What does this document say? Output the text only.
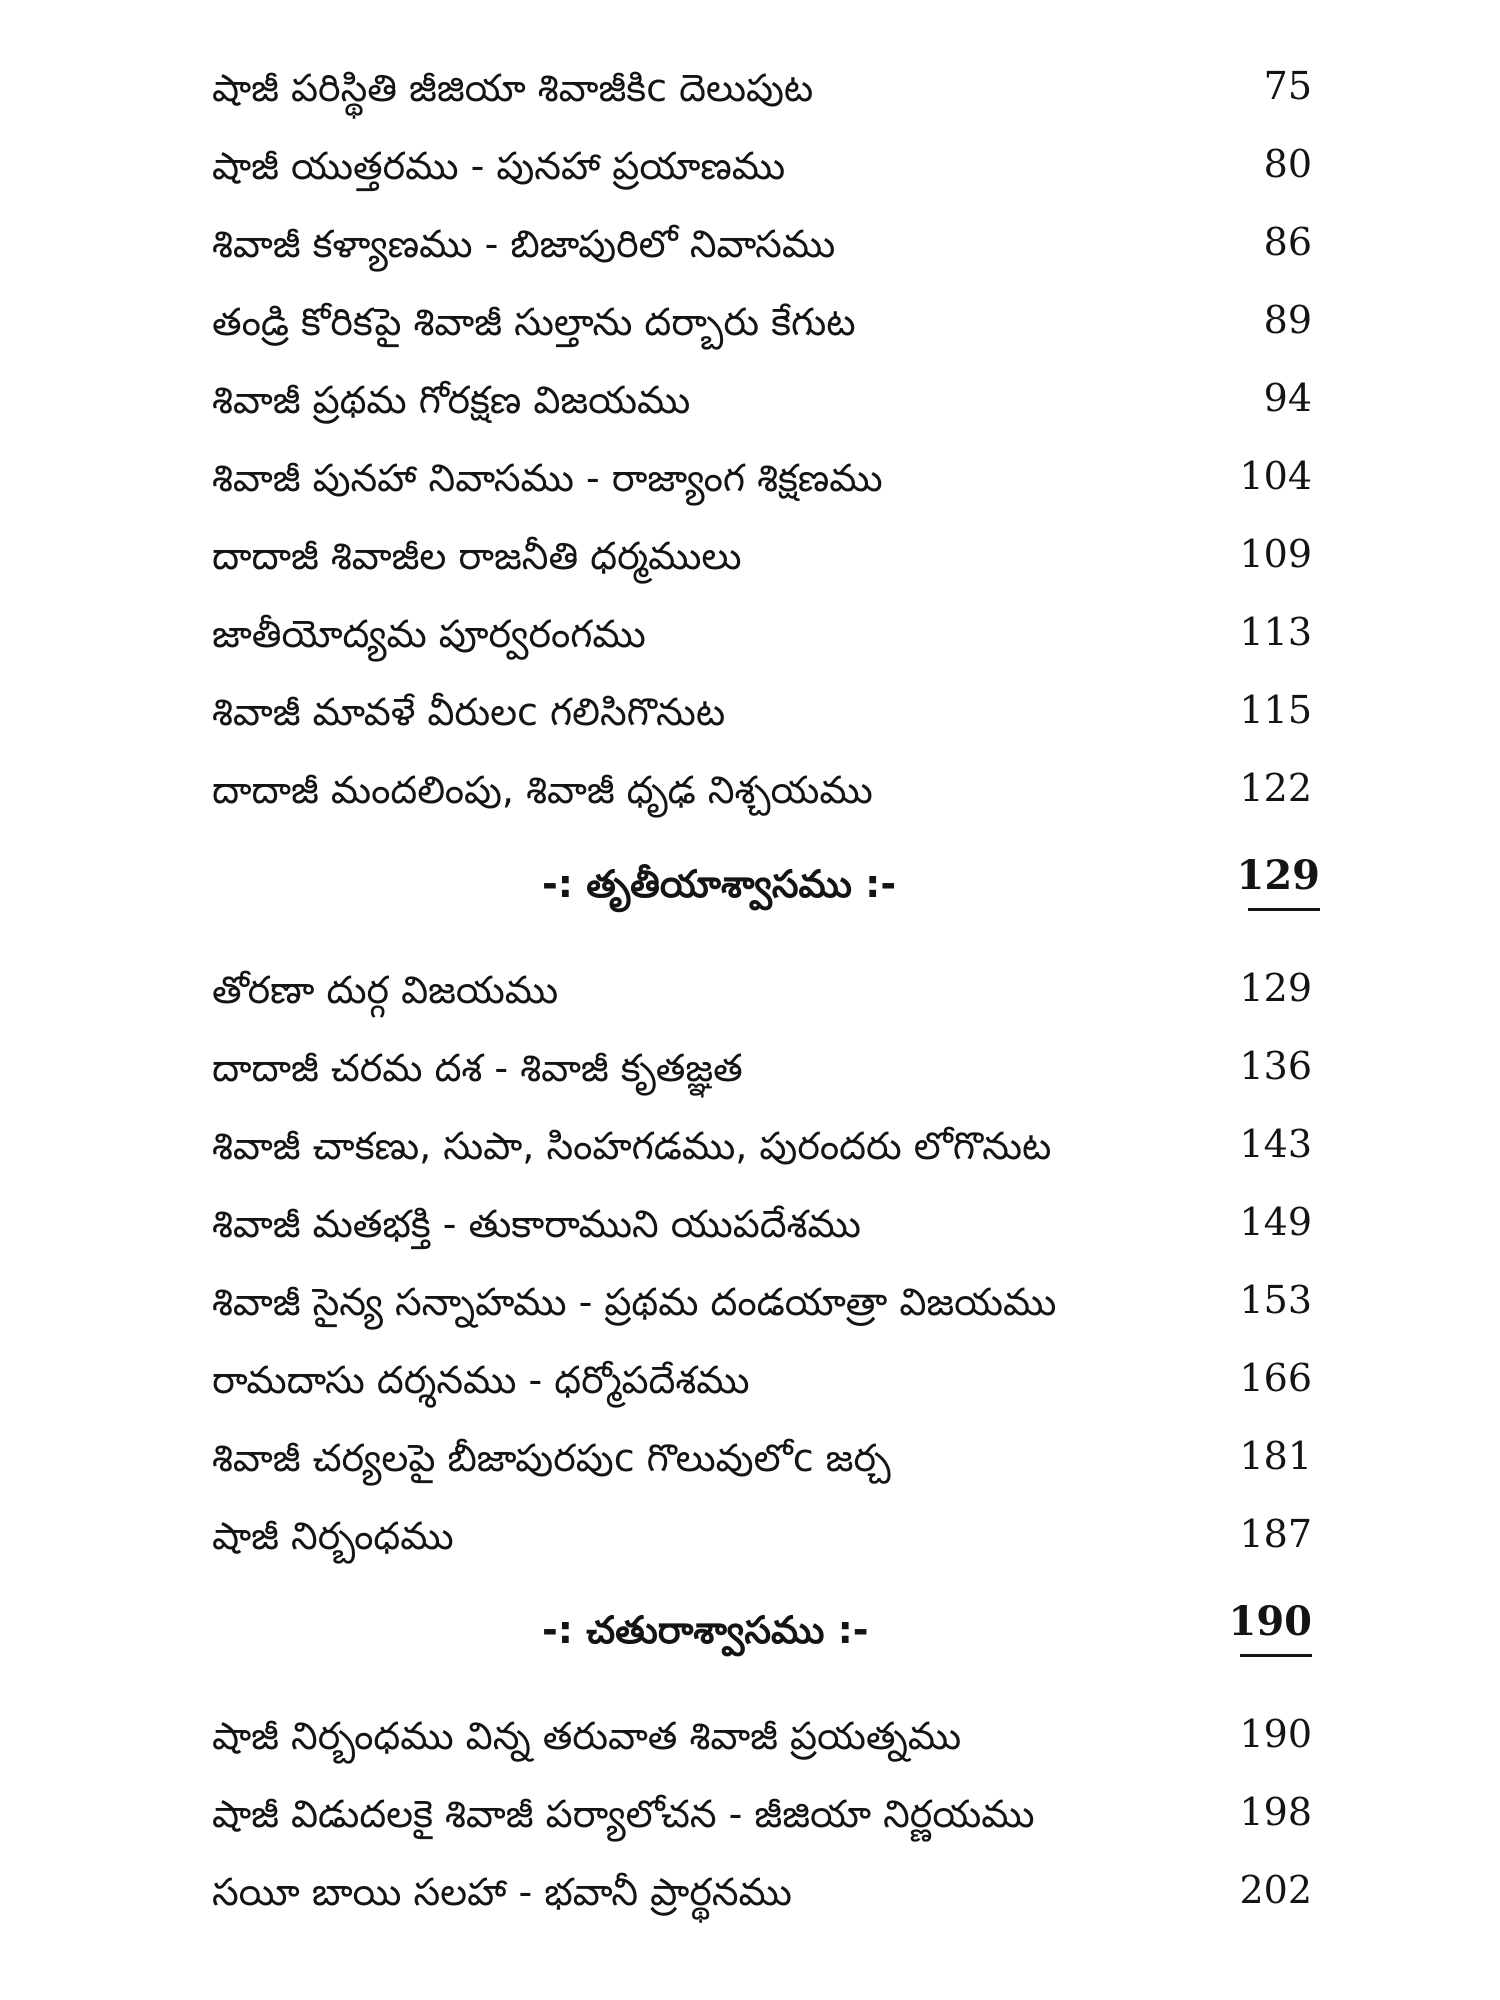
షాజీ పరిస్థితి జీజియా శివాజీకిc దెలుపుట	75
షాజీ యుత్తరము - పునహా ప్రయాణము	80
శివాజీ కళ్యాణము - బిజాపురిలో నివాసము	86
తండ్రి కోరికపై శివాజీ సుల్తాను దర్బారు కేగుట	89
శివాజీ ప్రథమ గోరక్షణ విజయము	94
శివాజీ పునహా నివాసము - రాజ్యాంగ శిక్షణము	104
దాదాజీ శివాజీల రాజనీతి ధర్మములు	109
జాతీయోద్యమ పూర్వరంగము	113
శివాజీ మావళే వీరులc గలిసిగొనుట	115
దాదాజీ మందలింపు, శివాజీ ధృఢ నిశ్చయము	122
-: తృతీయాశ్వాసము :-	129
తోరణా దుర్గ విజయము	129
దాదాజీ చరమ దశ - శివాజీ కృతజ్ఞత	136
శివాజీ చాకణు, సుపా, సింహగడము, పురందరు లోగొనుట	143
శివాజీ మతభక్తి - తుకారాముని యుపదేశము	149
శివాజీ సైన్య సన్నాహము - ప్రథమ దండయాత్రా విజయము	153
రామదాసు దర్శనము - ధర్మోపదేశము	166
శివాజీ చర్యలపై బీజాపురపుc గొలువులోc జర్చ	181
షాజీ నిర్బంధము	187
-: చతురాశ్వాసము :-	190
షాజీ నిర్బంధము విన్న తరువాత శివాజీ ప్రయత్నము	190
షాజీ విడుదలకై శివాజీ పర్యాలోచన - జీజియా నిర్ణయము	198
సయీ బాయి సలహా - భవానీ ప్రార్థనము	202
